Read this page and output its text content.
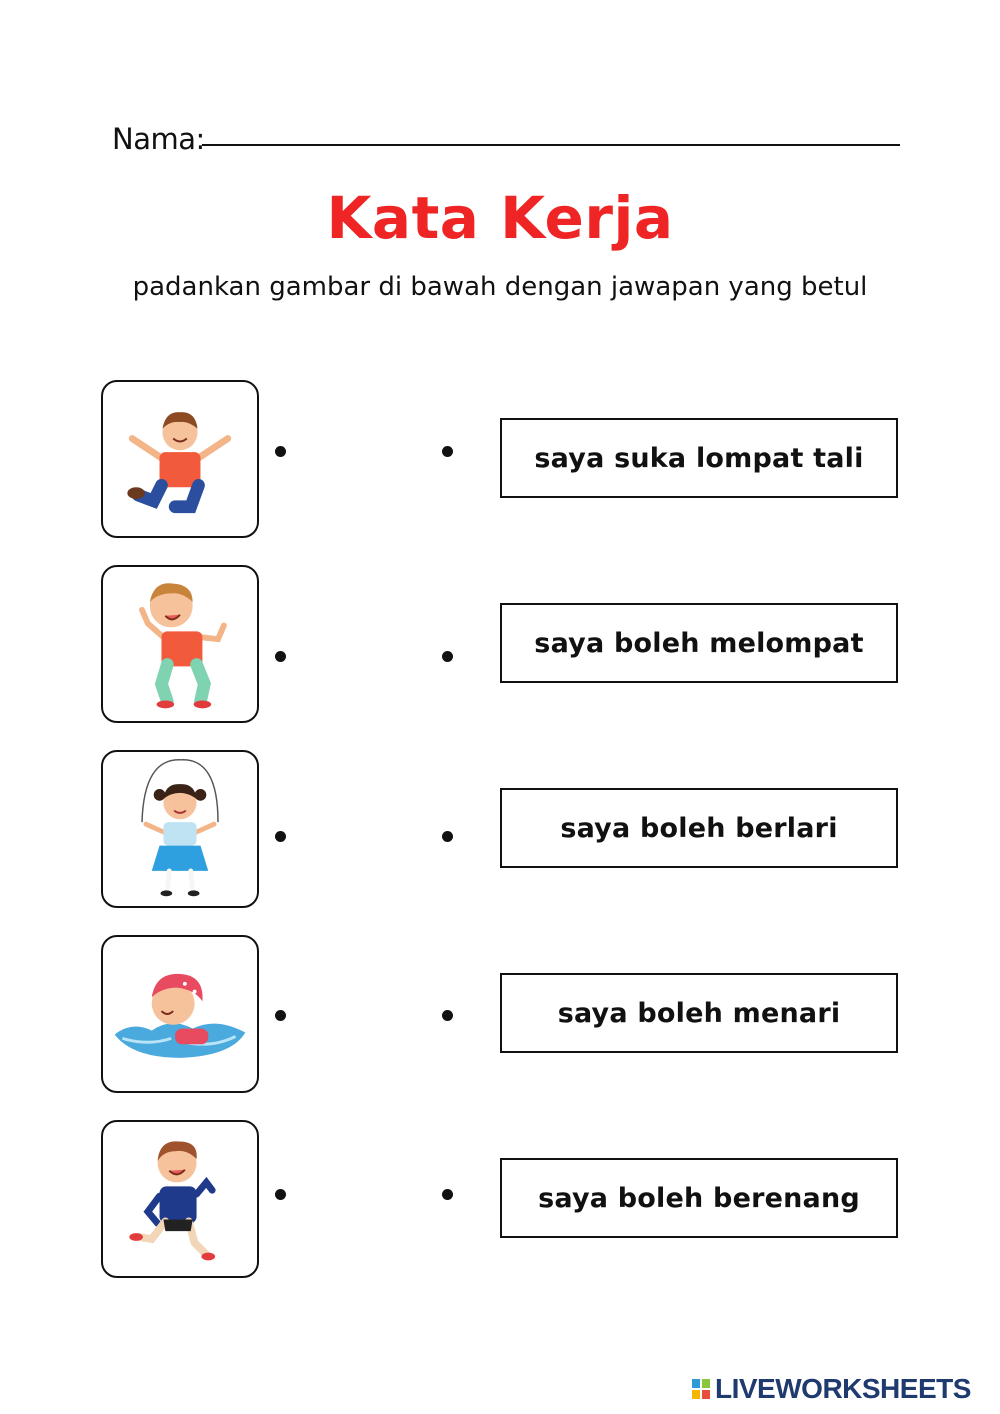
Nama:
Kata Kerja
padankan gambar di bawah dengan jawapan yang betul
saya suka lompat tali
saya boleh melompat
saya boleh berlari
saya boleh menari
saya boleh berenang
LIVEWORKSHEETS
